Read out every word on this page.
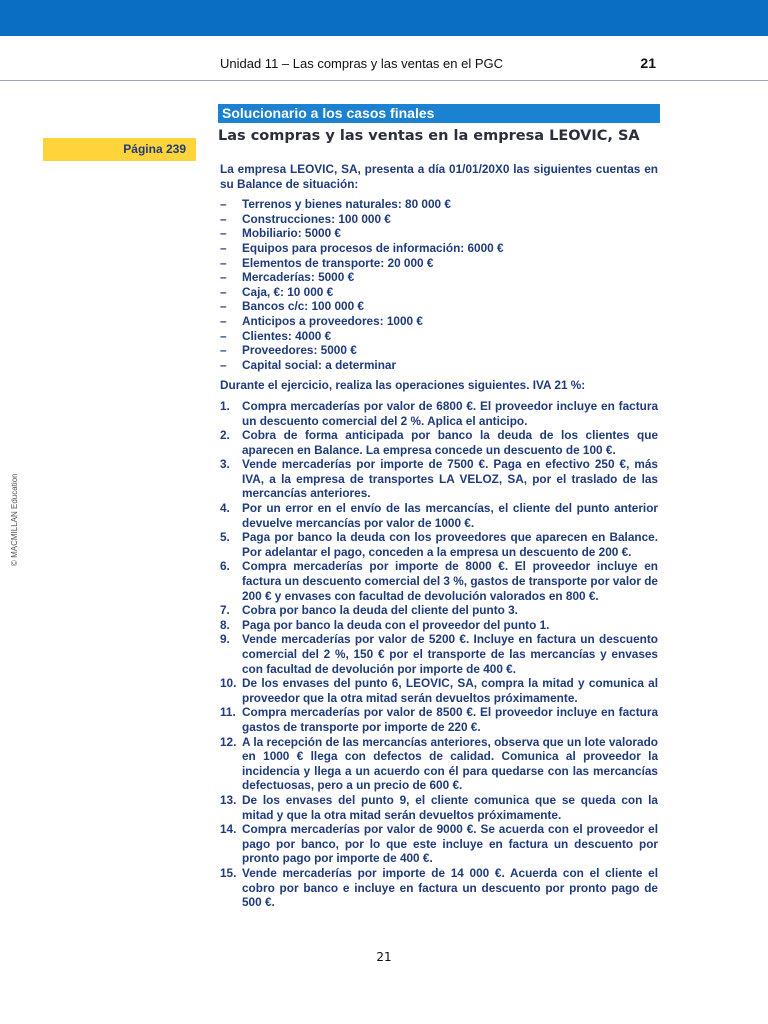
Unidad 11 – Las compras y las ventas en el PGC	21
Solucionario a los casos finales
Página 239
Las compras y las ventas en la empresa LEOVIC, SA

La empresa LEOVIC, SA, presenta a día 01/01/20X0 las siguientes cuentas en su Balance de situación:

– Terrenos y bienes naturales: 80 000 €
– Construcciones: 100 000 €
– Mobiliario: 5000 €
– Equipos para procesos de información: 6000 €
– Elementos de transporte: 20 000 €
– Mercaderías: 5000 €
– Caja, €: 10 000 €
– Bancos c/c: 100 000 €
– Anticipos a proveedores: 1000 €
– Clientes: 4000 €
– Proveedores: 5000 €
– Capital social: a determinar

Durante el ejercicio, realiza las operaciones siguientes. IVA 21 %:

1. Compra mercaderías por valor de 6800 €. El proveedor incluye en factura un descuento comercial del 2 %. Aplica el anticipo.
2. Cobra de forma anticipada por banco la deuda de los clientes que aparecen en Balance. La empresa concede un descuento de 100 €.
3. Vende mercaderías por importe de 7500 €. Paga en efectivo 250 €, más IVA, a la empresa de transportes LA VELOZ, SA, por el traslado de las mercancías anteriores.
4. Por un error en el envío de las mercancías, el cliente del punto anterior devuelve mercancías por valor de 1000 €.
5. Paga por banco la deuda con los proveedores que aparecen en Balance. Por adelantar el pago, conceden a la empresa un descuento de 200 €.
6. Compra mercaderías por importe de 8000 €. El proveedor incluye en factura un descuento comercial del 3 %, gastos de transporte por valor de 200 € y envases con facultad de devolución valorados en 800 €.
7. Cobra por banco la deuda del cliente del punto 3.
8. Paga por banco la deuda con el proveedor del punto 1.
9. Vende mercaderías por valor de 5200 €. Incluye en factura un descuento comercial del 2 %, 150 € por el transporte de las mercancías y envases con facultad de devolución por importe de 400 €.
10. De los envases del punto 6, LEOVIC, SA, compra la mitad y comunica al proveedor que la otra mitad serán devueltos próximamente.
11. Compra mercaderías por valor de 8500 €. El proveedor incluye en factura gastos de transporte por importe de 220 €.
12. A la recepción de las mercancías anteriores, observa que un lote valorado en 1000 € llega con defectos de calidad. Comunica al proveedor la incidencia y llega a un acuerdo con él para quedarse con las mercancías defectuosas, pero a un precio de 600 €.
13. De los envases del punto 9, el cliente comunica que se queda con la mitad y que la otra mitad serán devueltos próximamente.
14. Compra mercaderías por valor de 9000 €. Se acuerda con el proveedor el pago por banco, por lo que este incluye en factura un descuento por pronto pago por importe de 400 €.
15. Vende mercaderías por importe de 14 000 €. Acuerda con el cliente el cobro por banco e incluye en factura un descuento por pronto pago de 500 €.
© MACMILLAN Education
21
